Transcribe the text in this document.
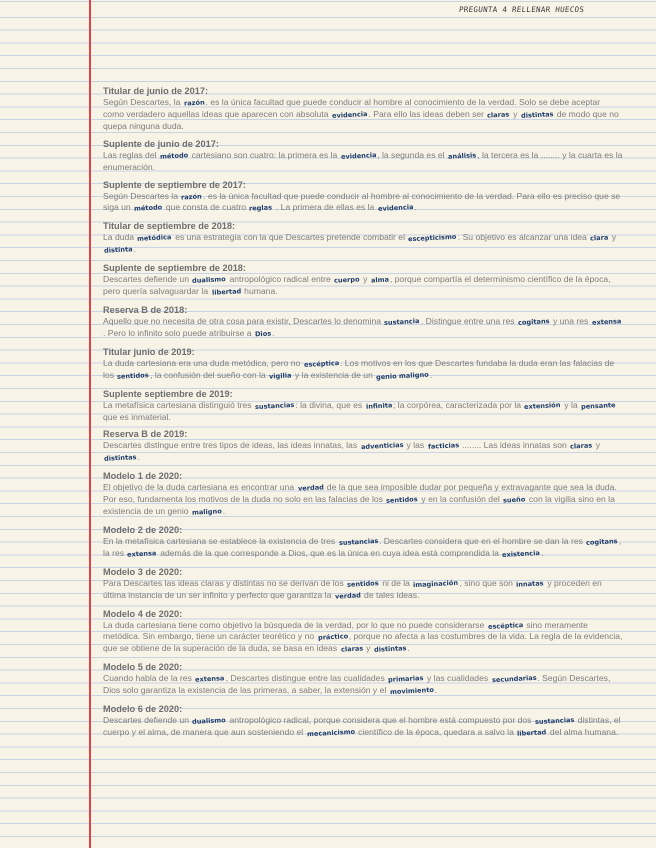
PREGUNTA 4 RELLENAR HUECOS
Titular de junio de 2017:
Según Descartes, la razón. es la única facultad que puede conducir al hombre al conocimiento de la verdad. Solo se debe aceptar como verdadero aquellas ideas que aparecen con absoluta evidencia. Para ello las ideas deben ser claras y distintas de modo que no quepa ninguna duda.
Suplente de junio de 2017:
Las reglas del método cartesiano son cuatro: la primera es la evidencia, la segunda es el análisis, la tercera es la ........ y la cuarta es la enumeración.
Suplente de septiembre de 2017:
Según Descartes la razón. es la única facultad que puede conducir al hombre al conocimiento de la verdad. Para ello es preciso que se siga un método que consta de cuatro reglas . La primera de ellas es la evidencia.
Titular de septiembre de 2018:
La duda metódica es una estrategia con la que Descartes pretende combatir el escepticismo. Su objetivo es alcanzar una idea clara y distinta.
Suplente de septiembre de 2018:
Descartes defiende un dualismo antropológico radical entre cuerpo y alma, porque compartía el determinismo científico de la época, pero quería salvaguardar la libertad humana.
Reserva B de 2018:
Aquello que no necesita de otra cosa para existir, Descartes lo denomina sustancia. Distingue entre una res cogitans y una res extensa. Pero lo infinito solo puede atribuirse a Dios.
Titular junio de 2019:
La duda cartesiana era una duda metódica, pero no escéptica. Los motivos en los que Descartes fundaba la duda eran las falacias de los sentidos, la confusión del sueño con la vigilia y la existencia de un genio maligno.
Suplente septiembre de 2019:
La metafísica cartesiana distinguió tres sustancias: la divina, que es infinita; la corpórea, caracterizada por la extensión y la pensante que es inmaterial.
Reserva B de 2019:
Descartes distingue entre tres tipos de ideas, las ideas innatas, las adventicias y las facticias ........ Las ideas innatas son claras y distintas.
Modelo 1 de 2020:
El objetivo de la duda cartesiana es encontrar una verdad de la que sea imposible dudar por pequeña y extravagante que sea la duda. Por eso, fundamenta los motivos de la duda no solo en las falacias de los sentidos y en la confusión del sueño con la vigilia sino en la existencia de un genio maligno.
Modelo 2 de 2020:
En la metafísica cartesiana se establece la existencia de tres sustancias. Descartes considera que en el hombre se dan la res cogitans, la res extensa además de la que corresponde a Dios, que es la única en cuya idea está comprendida la existencia.
Modelo 3 de 2020:
Para Descartes las ideas claras y distintas no se derivan de los sentidos ni de la imaginación, sino que son innatas y proceden en última instancia de un ser infinito y perfecto que garantiza la verdad de tales ideas.
Modelo 4 de 2020:
La duda cartesiana tiene como objetivo la búsqueda de la verdad, por lo que no puede considerarse escéptica sino meramente metódica. Sin embargo, tiene un carácter teorético y no práctico, porque no afecta a las costumbres de la vida. La regla de la evidencia, que se obtiene de la superación de la duda, se basa en ideas claras y distintas.
Modelo 5 de 2020:
Cuando habla de la res extensa, Descartes distingue entre las cualidades primarias y las cualidades secundarias. Según Descartes, Dios solo garantiza la existencia de las primeras, a saber, la extensión y el movimiento.
Modelo 6 de 2020:
Descartes defiende un dualismo antropológico radical, porque considera que el hombre está compuesto por dos sustancias distintas, el cuerpo y el alma, de manera que aun sosteniendo el mecanicismo científico de la época, quedara a salvo la libertad del alma humana.
